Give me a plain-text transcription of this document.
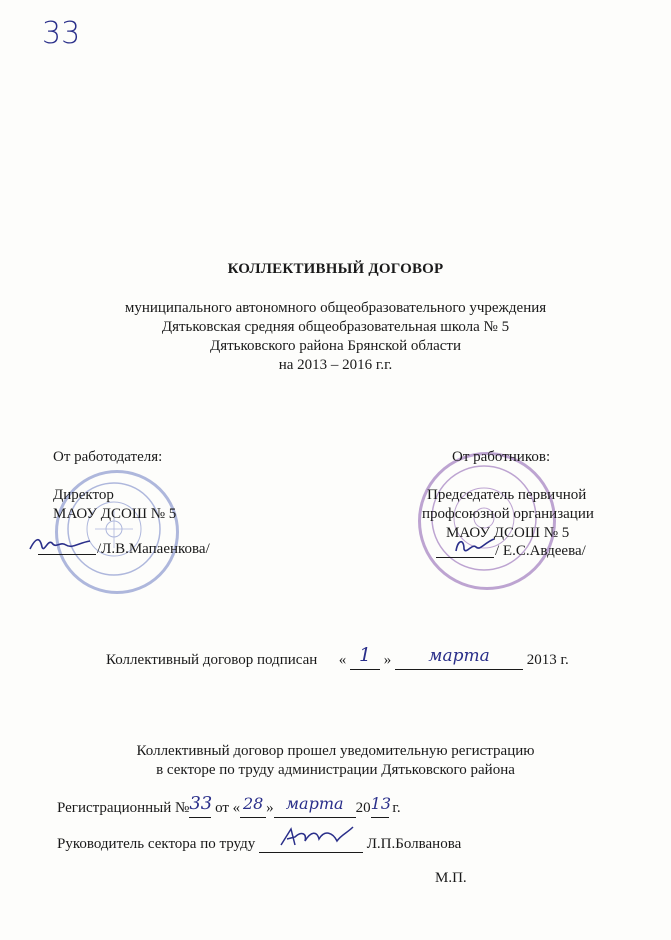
33
КОЛЛЕКТИВНЫЙ ДОГОВОР
муниципального автономного общеобразовательного учреждения
Дятьковская средняя общеобразовательная школа № 5
Дятьковского района Брянской области
на 2013 – 2016 г.г.
От работодателя:
Директор
МАОУ ДСОШ № 5
/Л.В.Мапаенкова/
От работников:
Председатель первичной
профсоюзной организации
МАОУ ДСОШ № 5
/ Е.С.Авдеева/
Коллективный договор подписан « 1 » марта 2013 г.
Коллективный договор прошел уведомительную регистрацию
в секторе по труду администрации Дятьковского района
Регистрационный №33 от « 28 » марта 2013 г.
Руководитель сектора по труду	Л.П.Болванова
М.П.
